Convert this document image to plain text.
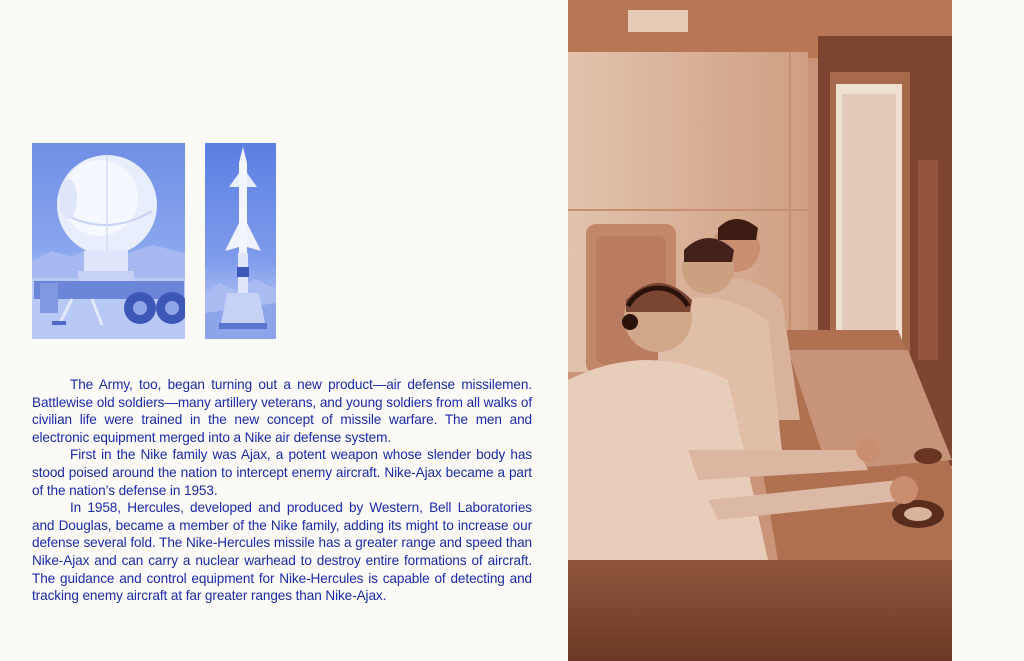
The Army, too, began turning out a new product—air defense missilemen. Battlewise old soldiers—many artillery veterans, and young soldiers from all walks of civilian life were trained in the new concept of missile warfare. The men and electronic equipment merged into a Nike air defense system.

First in the Nike family was Ajax, a potent weapon whose slender body has stood poised around the nation to intercept enemy aircraft. Nike-Ajax became a part of the nation’s defense in 1953.

In 1958, Hercules, developed and produced by Western, Bell Laboratories and Douglas, became a member of the Nike family, adding its might to increase our defense several fold. The Nike-Hercules missile has a greater range and speed than Nike-Ajax and can carry a nuclear warhead to destroy entire formations of aircraft. The guidance and control equipment for Nike-Hercules is capable of detecting and tracking enemy aircraft at far greater ranges than Nike-Ajax.
